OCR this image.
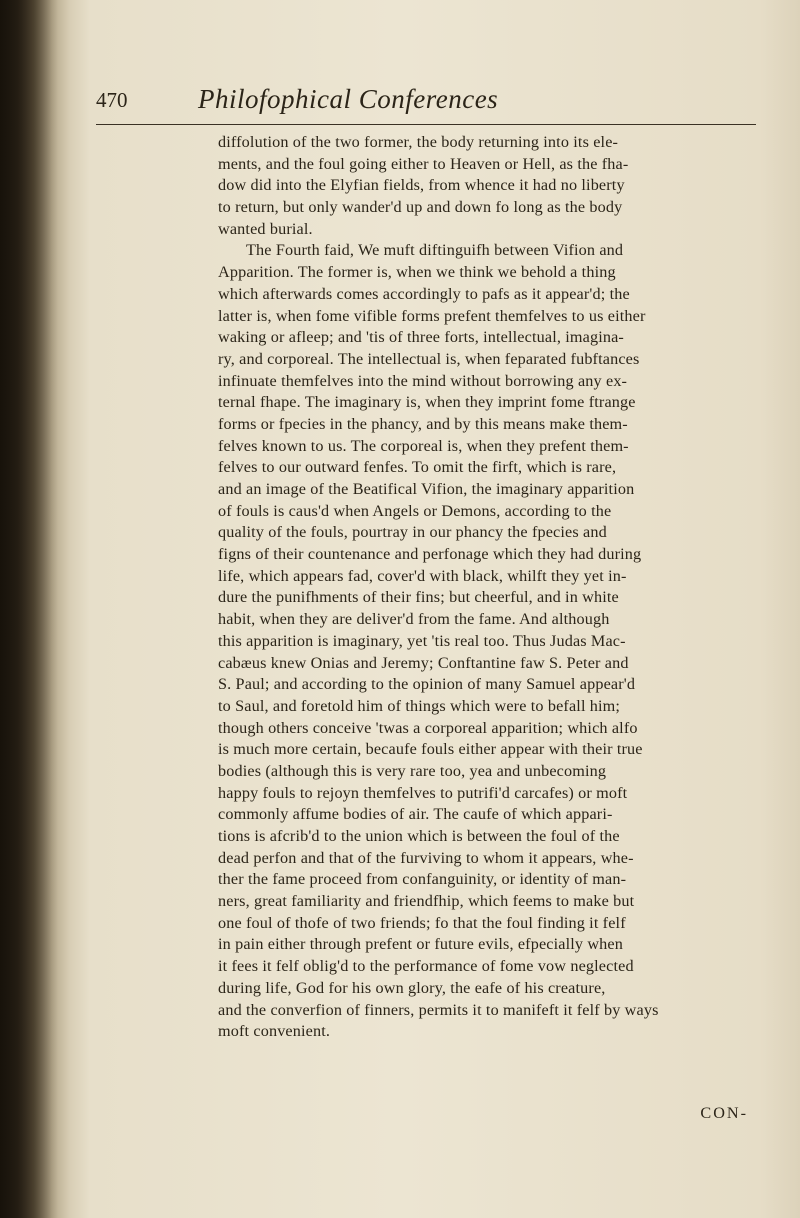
470	Philofophical Conferences
diffolution of the two former, the body returning into its ele-
ments, and the foul going either to Heaven or Hell, as the fha-
dow did into the Elyfian fields, from whence it had no liberty
to return, but only wander'd up and down fo long as the body
wanted burial.
The Fourth faid, We muft diftinguifh between Vifion and
Apparition. The former is, when we think we behold a thing
which afterwards comes accordingly to pafs as it appear'd; the
latter is, when fome vifible forms prefent themfelves to us either
waking or afleep; and 'tis of three forts, intellectual, imagina-
ry, and corporeal. The intellectual is, when feparated fubftances
infinuate themfelves into the mind without borrowing any ex-
ternal fhape. The imaginary is, when they imprint fome ftrange
forms or fpecies in the phancy, and by this means make them-
felves known to us. The corporeal is, when they prefent them-
felves to our outward fenfes. To omit the firft, which is rare,
and an image of the Beatifical Vifion, the imaginary apparition
of fouls is caus'd when Angels or Demons, according to the
quality of the fouls, pourtray in our phancy the fpecies and
figns of their countenance and perfonage which they had during
life, which appears fad, cover'd with black, whilft they yet in-
dure the punifhments of their fins; but cheerful, and in white
habit, when they are deliver'd from the fame. And although
this apparition is imaginary, yet 'tis real too. Thus Judas Mac-
cabæus knew Onias and Jeremy; Conftantine faw S. Peter and
S. Paul; and according to the opinion of many Samuel appear'd
to Saul, and foretold him of things which were to befall him;
though others conceive 'twas a corporeal apparition; which alfo
is much more certain, becaufe fouls either appear with their true
bodies (although this is very rare too, yea and unbecoming
happy fouls to rejoyn themfelves to putrifi'd carcafes) or moft
commonly affume bodies of air. The caufe of which appari-
tions is afcrib'd to the union which is between the foul of the
dead perfon and that of the furviving to whom it appears, whe-
ther the fame proceed from confanguinity, or identity of man-
ners, great familiarity and friendfhip, which feems to make but
one foul of thofe of two friends; fo that the foul finding it felf
in pain either through prefent or future evils, efpecially when
it fees it felf oblig'd to the performance of fome vow neglected
during life, God for his own glory, the eafe of his creature,
and the converfion of finners, permits it to manifeft it felf by ways
moft convenient.
CON-
